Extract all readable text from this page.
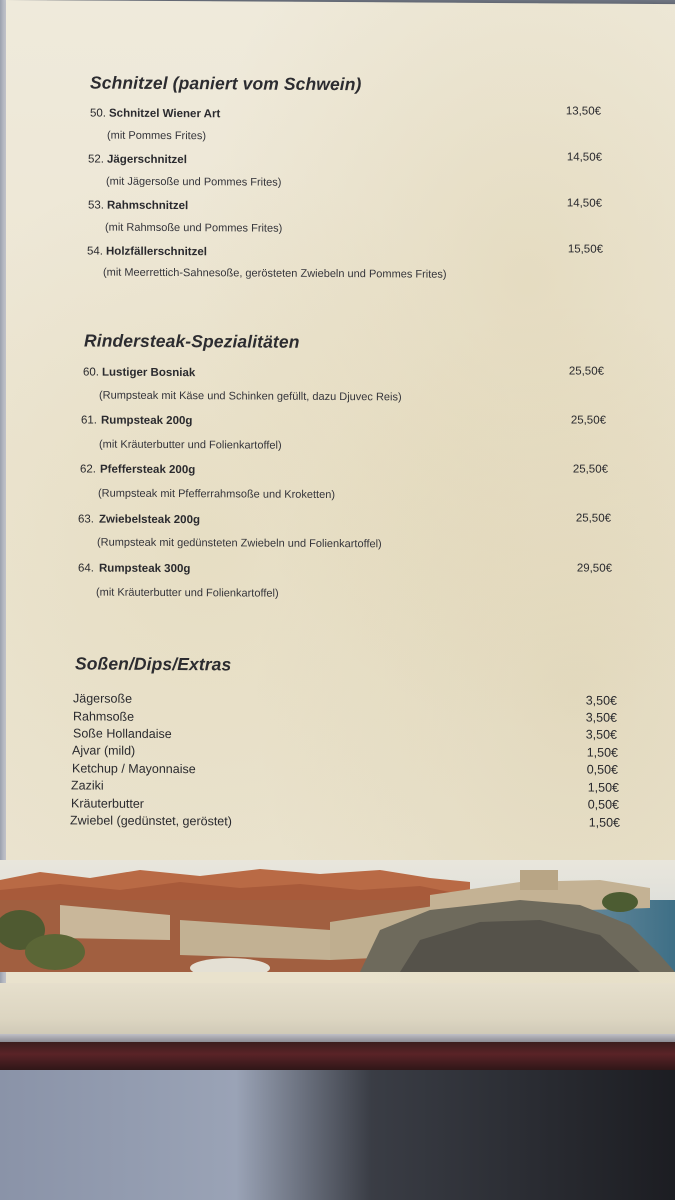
Schnitzel (paniert vom Schwein)
50. Schnitzel Wiener Art
(mit Pommes Frites)
13,50€
52. Jägerschnitzel
(mit Jägersoße und Pommes Frites)
14,50€
53. Rahmschnitzel
(mit Rahmsoße und Pommes Frites)
14,50€
54. Holzfällerschnitzel
(mit Meerrettich-Sahnesoße, gerösteten Zwiebeln und Pommes Frites)
15,50€
Rindersteak-Spezialitäten
60. Lustiger Bosniak
(Rumpsteak mit Käse und Schinken gefüllt, dazu Djuvec Reis)
25,50€
61. Rumpsteak 200g
(mit Kräuterbutter und Folienkartoffel)
25,50€
62. Pfeffersteak 200g
(Rumpsteak mit Pfefferrahmsoße und Kroketten)
25,50€
63. Zwiebelsteak 200g
(Rumpsteak mit gedünsteten Zwiebeln und Folienkartoffel)
25,50€
64. Rumpsteak 300g
(mit Kräuterbutter und Folienkartoffel)
29,50€
Soßen/Dips/Extras
Jägersoße	3,50€
Rahmsoße	3,50€
Soße Hollandaise	3,50€
Ajvar (mild)	1,50€
Ketchup / Mayonnaise	0,50€
Zaziki	1,50€
Kräuterbutter	0,50€
Zwiebel (gedünstet, geröstet)	1,50€
